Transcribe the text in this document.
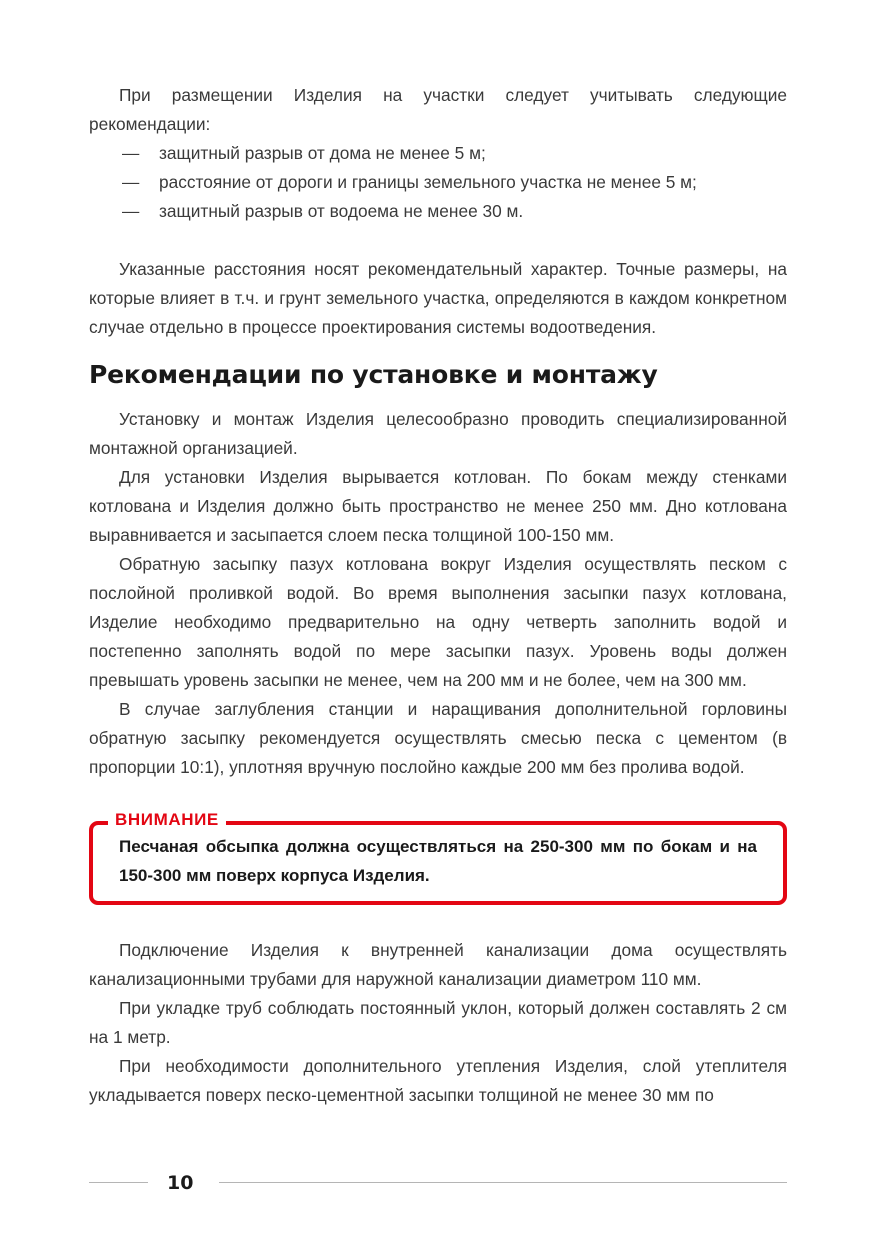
При размещении Изделия на участки следует учитывать следующие рекомендации:

— защитный разрыв от дома не менее 5 м;
— расстояние от дороги и границы земельного участка не менее 5 м;
— защитный разрыв от водоема не менее 30 м.

Указанные расстояния носят рекомендательный характер. Точные размеры, на которые влияет в т.ч. и грунт земельного участка, определяются в каждом конкретном случае отдельно в процессе проектирования системы водоотведения.

Рекомендации по установке и монтажу

Установку и монтаж Изделия целесообразно проводить специализированной монтажной организацией.

Для установки Изделия вырывается котлован. По бокам между стенками котлована и Изделия должно быть пространство не менее 250 мм. Дно котлована выравнивается и засыпается слоем песка толщиной 100-150 мм.

Обратную засыпку пазух котлована вокруг Изделия осуществлять песком с послойной проливкой водой. Во время выполнения засыпки пазух котлована, Изделие необходимо предварительно на одну четверть заполнить водой и постепенно заполнять водой по мере засыпки пазух. Уровень воды должен превышать уровень засыпки не менее, чем на 200 мм и не более, чем на 300 мм.

В случае заглубления станции и наращивания дополнительной горловины обратную засыпку рекомендуется осуществлять смесью песка с цементом (в пропорции 10:1), уплотняя вручную послойно каждые 200 мм без пролива водой.

ВНИМАНИЕ
Песчаная обсыпка должна осуществляться на 250-300 мм по бокам и на 150-300 мм поверх корпуса Изделия.

Подключение Изделия к внутренней канализации дома осуществлять канализационными трубами для наружной канализации диаметром 110 мм.

При укладке труб соблюдать постоянный уклон, который должен составлять 2 см на 1 метр.

При необходимости дополнительного утепления Изделия, слой утеплителя укладывается поверх песко-цементной засыпки толщиной не менее 30 мм по

10
